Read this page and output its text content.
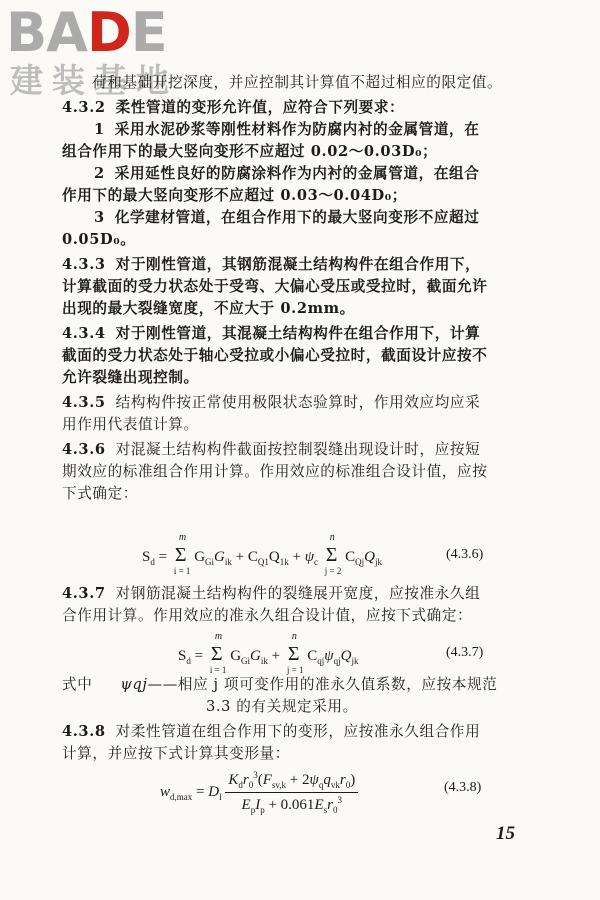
BADE
建装基地
荷和基础开挖深度，并应控制其计算值不超过相应的限定值。
4.3.2 柔性管道的变形允许值，应符合下列要求：
1 采用水泥砂浆等刚性材料作为防腐内衬的金属管道，在
组合作用下的最大竖向变形不应超过 0.02～0.03D₀；
2 采用延性良好的防腐涂料作为内衬的金属管道，在组合
作用下的最大竖向变形不应超过 0.03～0.04D₀；
3 化学建材管道，在组合作用下的最大竖向变形不应超过
0.05D₀。
4.3.3 对于刚性管道，其钢筋混凝土结构构件在组合作用下，
计算截面的受力状态处于受弯、大偏心受压或受拉时，截面允许
出现的最大裂缝宽度，不应大于 0.2mm。
4.3.4 对于刚性管道，其混凝土结构构件在组合作用下，计算
截面的受力状态处于轴心受拉或小偏心受拉时，截面设计应按不
允许裂缝出现控制。
4.3.5 结构构件按正常使用极限状态验算时，作用效应均应采
用作用代表值计算。
4.3.6 对混凝土结构构件截面按控制裂缝出现设计时，应按短
期效应的标准组合作用计算。作用效应的标准组合设计值，应按
下式确定：
$S_d$ =
m
Σ
i = 1
$G_{Gi}G_{ik} + C_{Q1}Q_{1k} + \psi_c$
n
Σ
j = 2
$C_{Qj}Q_{jk}$	(4.3.6)
4.3.7 对钢筋混凝土结构构件的裂缝展开宽度，应按准永久组
合作用计算。作用效应的准永久组合设计值，应按下式确定：
$S_d$ =
m
Σ
i = 1
$G_{Gi}G_{ik}$ +
n
Σ
j = 1
$C_{qj}\psi_{qj}Q_{jk}$
(4.3.7)
式中 ψqj——相应 j 项可变作用的准永久值系数，应按本规范
3.3 的有关规定采用。
4.3.8 对柔性管道在组合作用下的变形，应按准永久组合作用
计算，并应按下式计算其变形量：
$w_{d,max} = D_l \frac{K_dr_0^3(F_{sv,k} + 2\psi_qq_{vk}r_0)}{E_pI_p + 0.061E_sr_0^3}$	(4.3.8)
15
